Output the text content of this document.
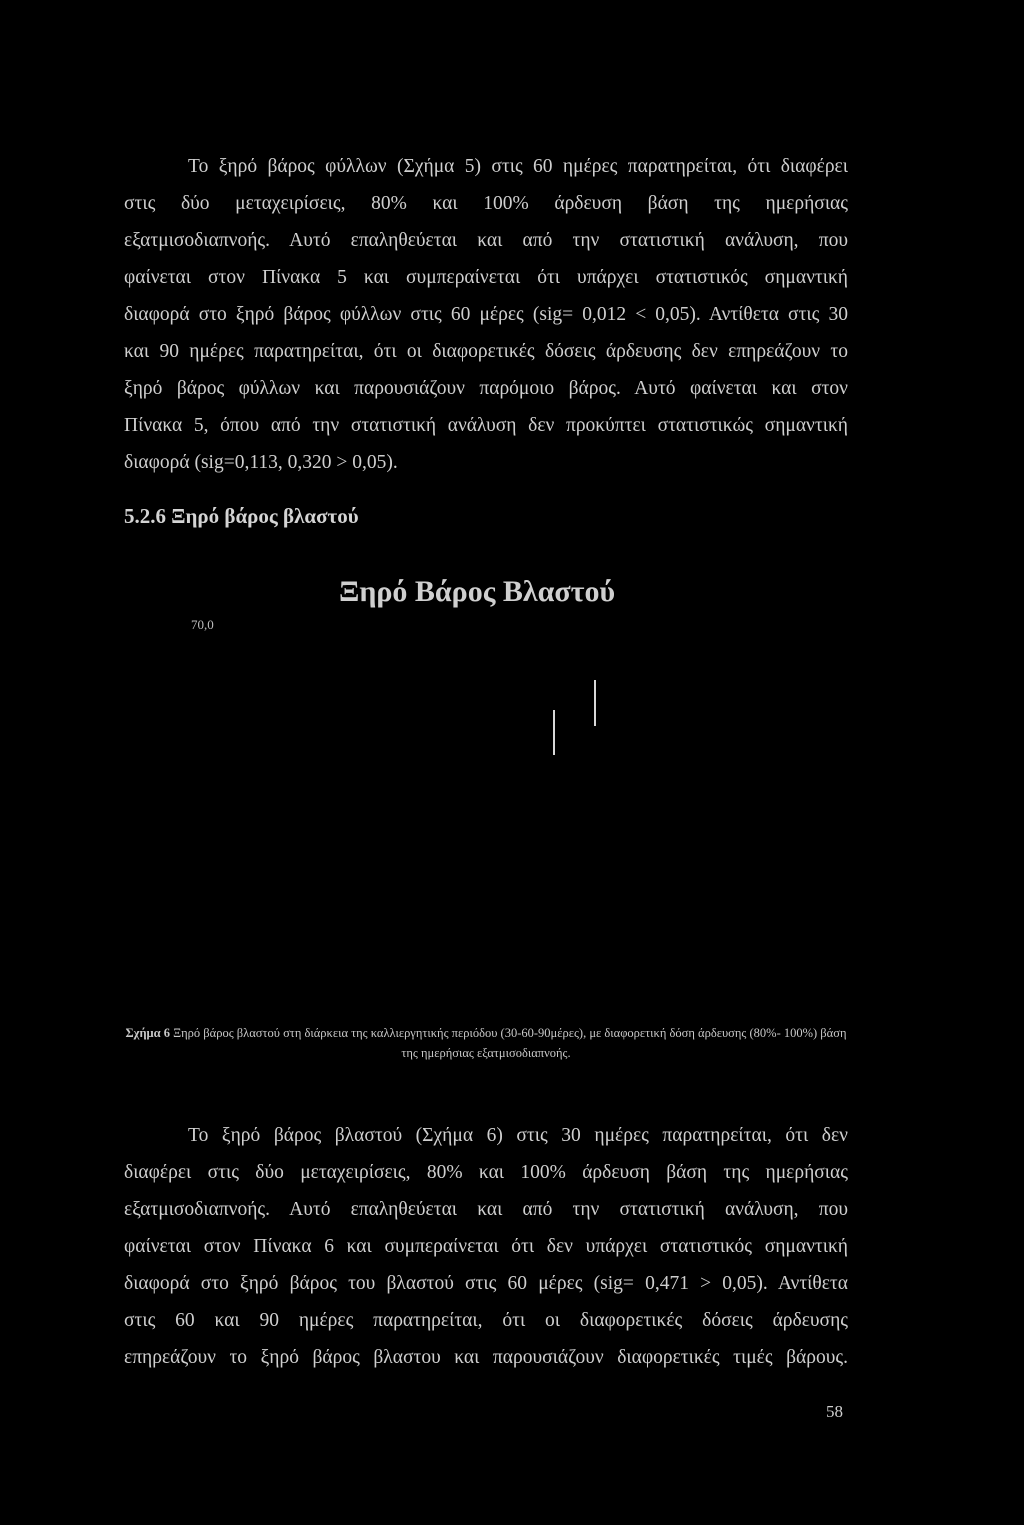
Το ξηρό βάρος φύλλων (Σχήμα 5) στις 60 ημέρες παρατηρείται, ότι διαφέρει
στις δύο μεταχειρίσεις, 80% και 100% άρδευση βάση της ημερήσιας
εξατμισοδιαπνοής. Αυτό επαληθεύεται και από την στατιστική ανάλυση, που
φαίνεται στον Πίνακα 5 και συμπεραίνεται ότι υπάρχει στατιστικός σημαντική
διαφορά στο ξηρό βάρος φύλλων στις 60 μέρες (sig= 0,012 < 0,05). Αντίθετα στις 30
και 90 ημέρες παρατηρείται, ότι οι διαφορετικές δόσεις άρδευσης δεν επηρεάζουν το
ξηρό βάρος φύλλων και παρουσιάζουν παρόμοιο βάρος. Αυτό φαίνεται και στον
Πίνακα 5, όπου από την στατιστική ανάλυση δεν προκύπτει στατιστικώς σημαντική
διαφορά (sig=0,113, 0,320 > 0,05).

5.2.6 Ξηρό βάρος βλαστού
Ξηρό Βάρος Βλαστού
70,0

Σχήμα 6 Ξηρό βάρος βλαστού στη διάρκεια της καλλιεργητικής περιόδου (30-60-90μέρες), με διαφορετική δόση άρδευσης (80%- 100%) βάση της ημερήσιας εξατμισοδιαπνοής.

Το ξηρό βάρος βλαστού (Σχήμα 6) στις 30 ημέρες παρατηρείται, ότι δεν
διαφέρει στις δύο μεταχειρίσεις, 80% και 100% άρδευση βάση της ημερήσιας
εξατμισοδιαπνοής. Αυτό επαληθεύεται και από την στατιστική ανάλυση, που
φαίνεται στον Πίνακα 6 και συμπεραίνεται ότι δεν υπάρχει στατιστικός σημαντική
διαφορά στο ξηρό βάρος του βλαστού στις 60 μέρες (sig= 0,471 > 0,05). Αντίθετα
στις 60 και 90 ημέρες παρατηρείται, ότι οι διαφορετικές δόσεις άρδευσης
επηρεάζουν το ξηρό βάρος βλαστου και παρουσιάζουν διαφορετικές τιμές βάρους.

58
